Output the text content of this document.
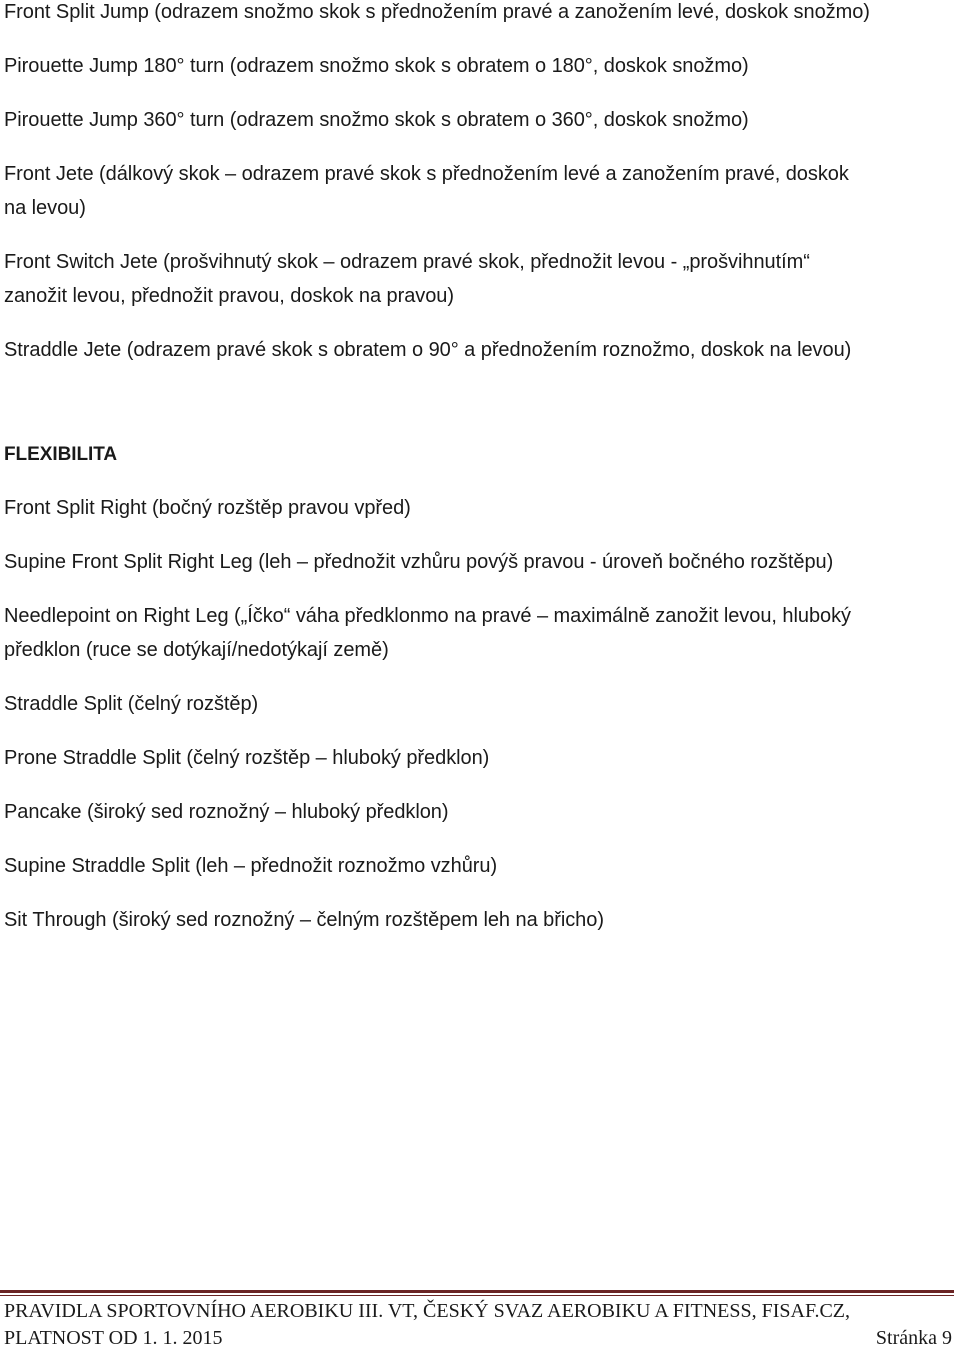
Front Split Jump (odrazem snožmo skok s přednožením pravé a zanožením levé, doskok snožmo)

Pirouette Jump 180° turn (odrazem snožmo skok s obratem o 180°, doskok snožmo)

Pirouette Jump 360° turn (odrazem snožmo skok s obratem o 360°, doskok snožmo)

Front Jete (dálkový skok – odrazem pravé skok s přednožením levé a zanožením pravé, doskok
na levou)

Front Switch Jete (prošvihnutý skok – odrazem pravé skok, přednožit levou - „prošvihnutím“
zanožit levou, přednožit pravou, doskok na pravou)

Straddle Jete (odrazem pravé skok s obratem o 90° a přednožením roznožmo, doskok na levou)

FLEXIBILITA

Front Split Right (bočný rozštěp pravou vpřed)

Supine Front Split Right Leg (leh – přednožit vzhůru povýš pravou - úroveň bočného rozštěpu)

Needlepoint on Right Leg („Íčko“ váha předklonmo na pravé – maximálně zanožit levou, hluboký
předklon (ruce se dotýkají/nedotýkají země)

Straddle Split (čelný rozštěp)

Prone Straddle Split (čelný rozštěp – hluboký předklon)

Pancake (široký sed roznožný – hluboký předklon)

Supine Straddle Split (leh – přednožit roznožmo vzhůru)

Sit Through (široký sed roznožný – čelným rozštěpem leh na břicho)

PRAVIDLA SPORTOVNÍHO AEROBIKU III. VT, ČESKÝ SVAZ AEROBIKU A FITNESS, FISAF.CZ,
PLATNOST OD 1. 1. 2015	Stránka 9
